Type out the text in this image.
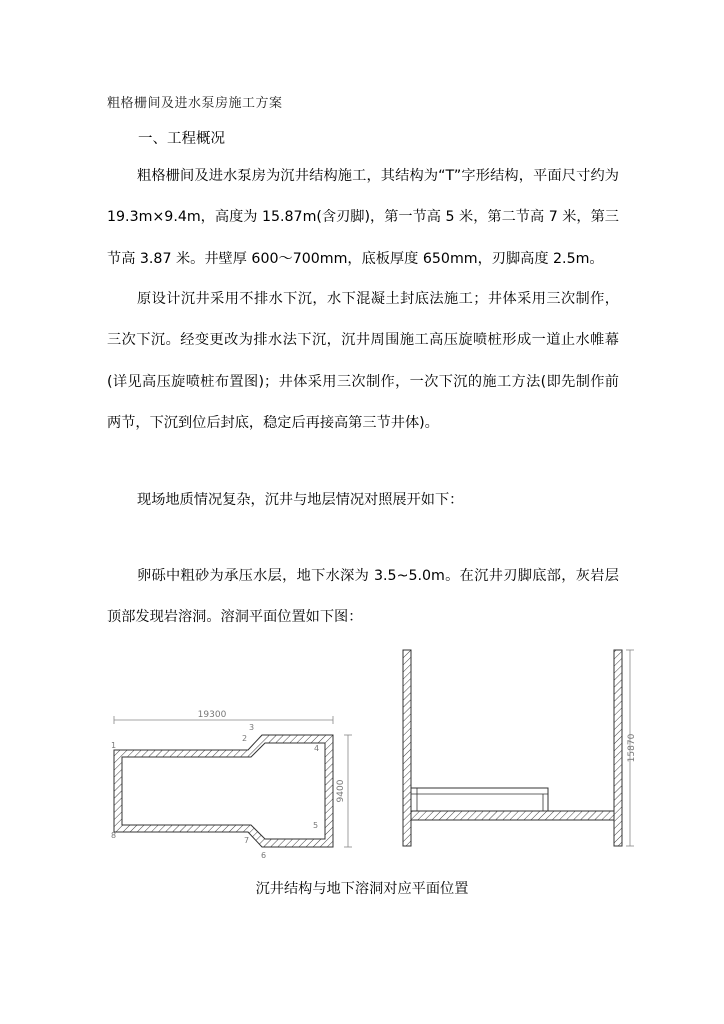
粗格栅间及进水泵房施工方案
一、工程概况

粗格栅间及进水泵房为沉井结构施工，其结构为“T”字形结构，平面尺寸约为 19.3m×9.4m，高度为 15.87m(含刃脚)，第一节高 5 米，第二节高 7 米，第三节高 3.87 米。井壁厚 600～700mm，底板厚度 650mm，刃脚高度 2.5m。

原设计沉井采用不排水下沉，水下混凝土封底法施工；井体采用三次制作，三次下沉。经变更改为排水法下沉，沉井周围施工高压旋喷桩形成一道止水帷幕(详见高压旋喷桩布置图)；井体采用三次制作，一次下沉的施工方法(即先制作前两节，下沉到位后封底，稳定后再接高第三节井体)。

现场地质情况复杂，沉井与地层情况对照展开如下：

卵砾中粗砂为承压水层，地下水深为 3.5~5.0m。在沉井刃脚底部，灰岩层顶部发现岩溶洞。溶洞平面位置如下图：

19300
9400
1
2
3
4
5
6
7
8
15870
沉井结构与地下溶洞对应平面位置
